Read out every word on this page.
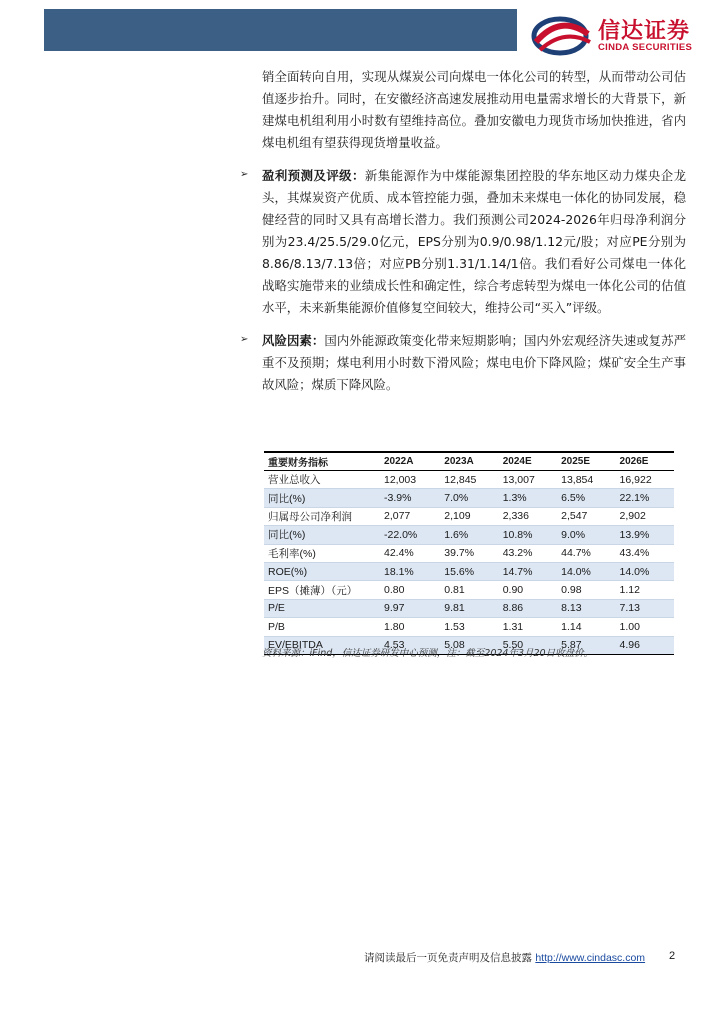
信达证券
CINDA SECURITIES

销全面转向自用，实现从煤炭公司向煤电一体化公司的转型，从而带动公司估值逐步抬升。同时，在安徽经济高速发展推动用电量需求增长的大背景下，新建煤电机组利用小时数有望维持高位。叠加安徽电力现货市场加快推进，省内煤电机组有望获得现货增量收益。

➢ 盈利预测及评级：新集能源作为中煤能源集团控股的华东地区动力煤央企龙头，其煤炭资产优质、成本管控能力强，叠加未来煤电一体化的协同发展，稳健经营的同时又具有高增长潜力。我们预测公司2024-2026年归母净利润分别为23.4/25.5/29.0亿元，EPS分别为0.9/0.98/1.12元/股；对应PE分别为8.86/8.13/7.13倍；对应PB分别1.31/1.14/1倍。我们看好公司煤电一体化战略实施带来的业绩成长性和确定性，综合考虑转型为煤电一体化公司的估值水平，未来新集能源价值修复空间较大，维持公司“买入”评级。

➢ 风险因素：国内外能源政策变化带来短期影响；国内外宏观经济失速或复苏严重不及预期；煤电利用小时数下滑风险；煤电电价下降风险；煤矿安全生产事故风险；煤质下降风险。

重要财务指标	2022A	2023A	2024E	2025E	2026E
营业总收入	12,003	12,845	13,007	13,854	16,922
同比(%)	-3.9%	7.0%	1.3%	6.5%	22.1%
归属母公司净利润	2,077	2,109	2,336	2,547	2,902
同比(%)	-22.0%	1.6%	10.8%	9.0%	13.9%
毛利率(%)	42.4%	39.7%	43.2%	44.7%	43.4%
ROE(%)	18.1%	15.6%	14.7%	14.0%	14.0%
EPS（摊薄）（元）	0.80	0.81	0.90	0.98	1.12
P/E	9.97	9.81	8.86	8.13	7.13
P/B	1.80	1.53	1.31	1.14	1.00
EV/EBITDA	4.53	5.08	5.50	5.87	4.96
资料来源：iFind，信达证券研发中心预测，注：截至2024年3月20日收盘价。
请阅读最后一页免责声明及信息披露 http://www.cindasc.com 2
